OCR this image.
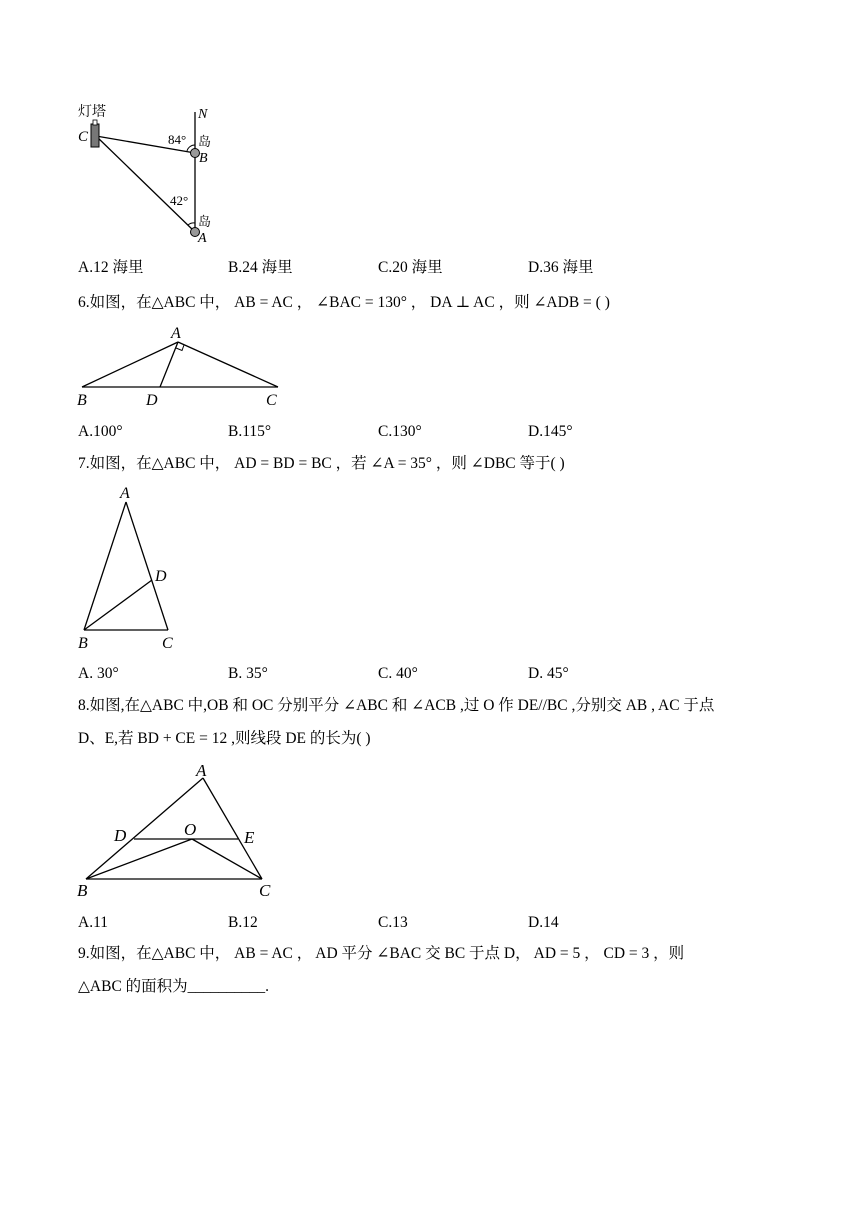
灯塔
C
N
84° 岛
B
42°
岛
A
A.12 海里	B.24 海里	C.20 海里	D.36 海里
6.如图，在△ABC 中， AB = AC ， ∠BAC = 130° ， DA ⊥ AC ，则 ∠ADB = ( )
A
B	D	C
A.100°	B.115°	C.130°	D.145°
7.如图，在△ABC 中， AD = BD = BC ，若 ∠A = 35° ，则 ∠DBC 等于( )
A
D
B	C
A. 30°	B. 35°	C. 40°	D. 45°
8.如图,在△ABC 中,OB 和 OC 分别平分 ∠ABC 和 ∠ACB ,过 O 作 DE//BC ,分别交 AB , AC 于点
D、E,若 BD + CE = 12 ,则线段 DE 的长为( )
A
D	O	E
B	C
A.11	B.12	C.13	D.14
9.如图，在△ABC 中， AB = AC ， AD 平分 ∠BAC 交 BC 于点 D， AD = 5 ， CD = 3 ，则
△ABC 的面积为__________.
